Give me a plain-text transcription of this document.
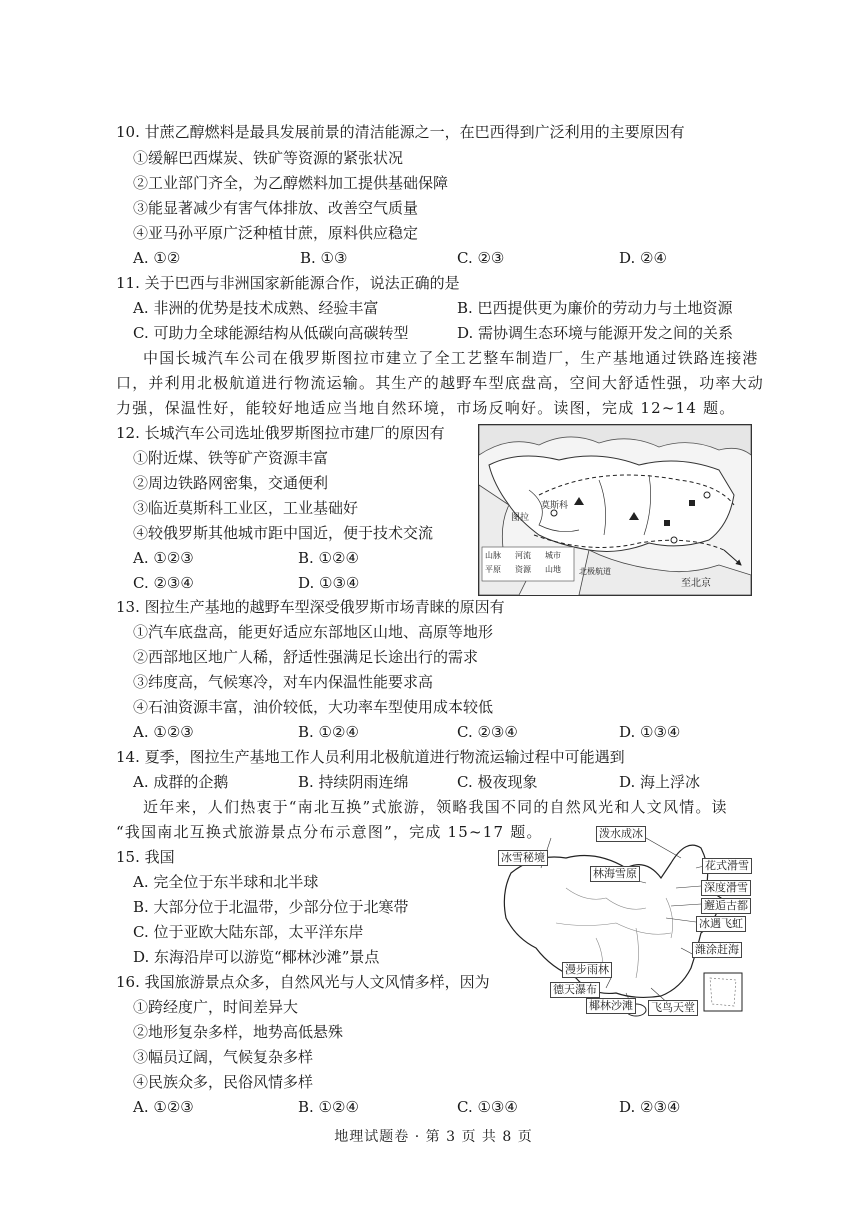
10. 甘蔗乙醇燃料是最具发展前景的清洁能源之一，在巴西得到广泛利用的主要原因有
①缓解巴西煤炭、铁矿等资源的紧张状况
②工业部门齐全，为乙醇燃料加工提供基础保障
③能显著减少有害气体排放、改善空气质量
④亚马孙平原广泛种植甘蔗，原料供应稳定
A. ①②	B. ①③	C. ②③	D. ②④
11. 关于巴西与非洲国家新能源合作，说法正确的是
A. 非洲的优势是技术成熟、经验丰富	B. 巴西提供更为廉价的劳动力与土地资源
C. 可助力全球能源结构从低碳向高碳转型	D. 需协调生态环境与能源开发之间的关系
中国长城汽车公司在俄罗斯图拉市建立了全工艺整车制造厂，生产基地通过铁路连接港
口，并利用北极航道进行物流运输。其生产的越野车型底盘高，空间大舒适性强，功率大动
力强，保温性好，能较好地适应当地自然环境，市场反响好。读图，完成 12~14 题。
12. 长城汽车公司选址俄罗斯图拉市建厂的原因有
①附近煤、铁等矿产资源丰富
②周边铁路网密集，交通便利
③临近莫斯科工业区，工业基础好
④较俄罗斯其他城市距中国近，便于技术交流
A. ①②③	B. ①②④
C. ②③④	D. ①③④
莫斯科
图拉
山脉 河流 城市
平原 资源 山地 北极航道
至北京
13. 图拉生产基地的越野车型深受俄罗斯市场青睐的原因有
①汽车底盘高，能更好适应东部地区山地、高原等地形
②西部地区地广人稀，舒适性强满足长途出行的需求
③纬度高，气候寒冷，对车内保温性能要求高
④石油资源丰富，油价较低，大功率车型使用成本较低
A. ①②③	B. ①②④	C. ②③④	D. ①③④
14. 夏季，图拉生产基地工作人员利用北极航道进行物流运输过程中可能遇到
A. 成群的企鹅	B. 持续阴雨连绵	C. 极夜现象	D. 海上浮冰
近年来，人们热衷于“南北互换”式旅游，领略我国不同的自然风光和人文风情。读
“我国南北互换式旅游景点分布示意图”，完成 15~17 题。
15. 我国
A. 完全位于东半球和北半球
B. 大部分位于北温带，少部分位于北寒带
C. 位于亚欧大陆东部，太平洋东岸
D. 东海沿岸可以游览“椰林沙滩”景点
泼水成冰
冰雪秘境
林海雪原
花式滑雪
深度滑雪
邂逅古都
冰遇飞虹
潍涂赶海
漫步雨林
德天瀑布
椰林沙滩 飞鸟天堂
16. 我国旅游景点众多，自然风光与人文风情多样，因为
①跨经度广，时间差异大
②地形复杂多样，地势高低悬殊
③幅员辽阔，气候复杂多样
④民族众多，民俗风情多样
A. ①②③	B. ①②④	C. ①③④	D. ②③④
地理试题卷 · 第 3 页 共 8 页
